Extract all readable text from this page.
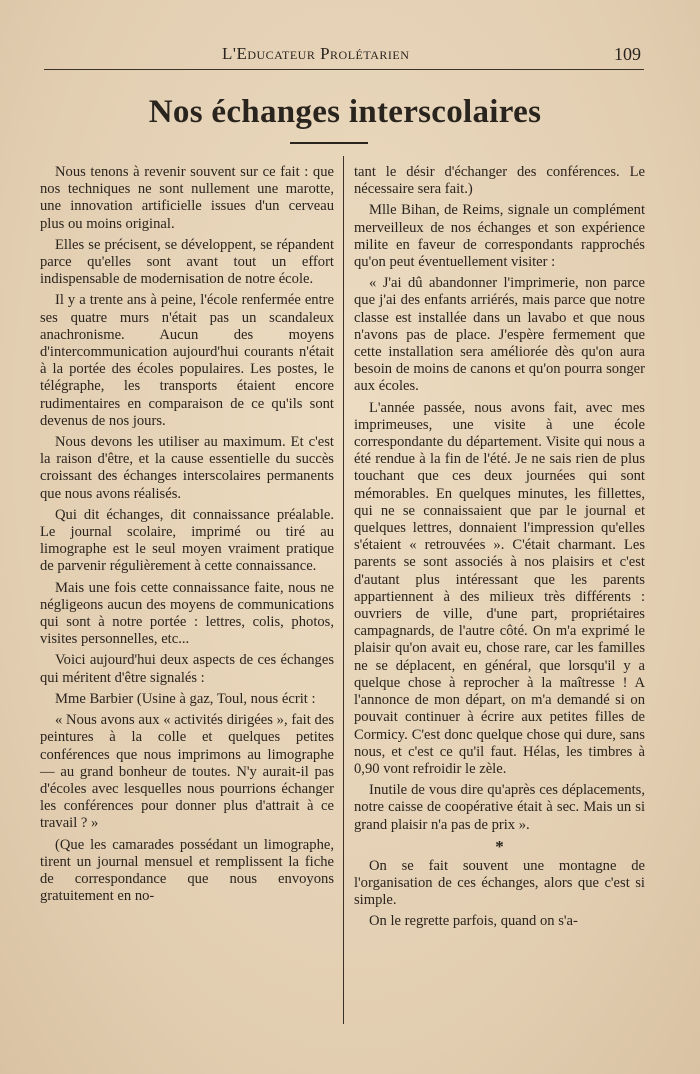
L'Educateur Prolétarien	109
Nos échanges interscolaires

Nous tenons à revenir souvent sur ce fait : que nos techniques ne sont nullement une marotte, une innovation artificielle issues d'un cerveau plus ou moins original.

Elles se précisent, se développent, se répandent parce qu'elles sont avant tout un effort indispensable de modernisation de notre école.

Il y a trente ans à peine, l'école renfermée entre ses quatre murs n'était pas un scandaleux anachronisme. Aucun des moyens d'intercommunication aujourd'hui courants n'était à la portée des écoles populaires. Les postes, le télégraphe, les transports étaient encore rudimentaires en comparaison de ce qu'ils sont devenus de nos jours.

Nous devons les utiliser au maximum. Et c'est la raison d'être, et la cause essentielle du succès croissant des échanges interscolaires permanents que nous avons réalisés.

Qui dit échanges, dit connaissance préalable. Le journal scolaire, imprimé ou tiré au limographe est le seul moyen vraiment pratique de parvenir régulièrement à cette connaissance.

Mais une fois cette connaissance faite, nous ne négligeons aucun des moyens de communications qui sont à notre portée : lettres, colis, photos, visites personnelles, etc...

Voici aujourd'hui deux aspects de ces échanges qui méritent d'être signalés :

Mme Barbier (Usine à gaz, Toul, nous écrit :

« Nous avons aux « activités dirigées », fait des peintures à la colle et quelques petites conférences que nous imprimons au limographe — au grand bonheur de toutes. N'y aurait-il pas d'écoles avec lesquelles nous pourrions échanger les conférences pour donner plus d'attrait à ce travail ? »

(Que les camarades possédant un limographe, tirent un journal mensuel et remplissent la fiche de correspondance que nous envoyons gratuitement en no-

tant le désir d'échanger des conférences. Le nécessaire sera fait.)

Mlle Bihan, de Reims, signale un complément merveilleux de nos échanges et son expérience milite en faveur de correspondants rapprochés qu'on peut éventuellement visiter :

« J'ai dû abandonner l'imprimerie, non parce que j'ai des enfants arriérés, mais parce que notre classe est installée dans un lavabo et que nous n'avons pas de place. J'espère fermement que cette installation sera améliorée dès qu'on aura besoin de moins de canons et qu'on pourra songer aux écoles.

L'année passée, nous avons fait, avec mes imprimeuses, une visite à une école correspondante du département. Visite qui nous a été rendue à la fin de l'été. Je ne sais rien de plus touchant que ces deux journées qui sont mémorables. En quelques minutes, les fillettes, qui ne se connaissaient que par le journal et quelques lettres, donnaient l'impression qu'elles s'étaient « retrouvées ». C'était charmant. Les parents se sont associés à nos plaisirs et c'est d'autant plus intéressant que les parents appartiennent à des milieux très différents : ouvriers de ville, d'une part, propriétaires campagnards, de l'autre côté. On m'a exprimé le plaisir qu'on avait eu, chose rare, car les familles ne se déplacent, en général, que lorsqu'il y a quelque chose à reprocher à la maîtresse ! A l'annonce de mon départ, on m'a demandé si on pouvait continuer à écrire aux petites filles de Cormicy. C'est donc quelque chose qui dure, sans nous, et c'est ce qu'il faut. Hélas, les timbres à 0,90 vont refroidir le zèle.

Inutile de vous dire qu'après ces déplacements, notre caisse de coopérative était à sec. Mais un si grand plaisir n'a pas de prix ».

*

On se fait souvent une montagne de l'organisation de ces échanges, alors que c'est si simple.

On le regrette parfois, quand on s'a-
